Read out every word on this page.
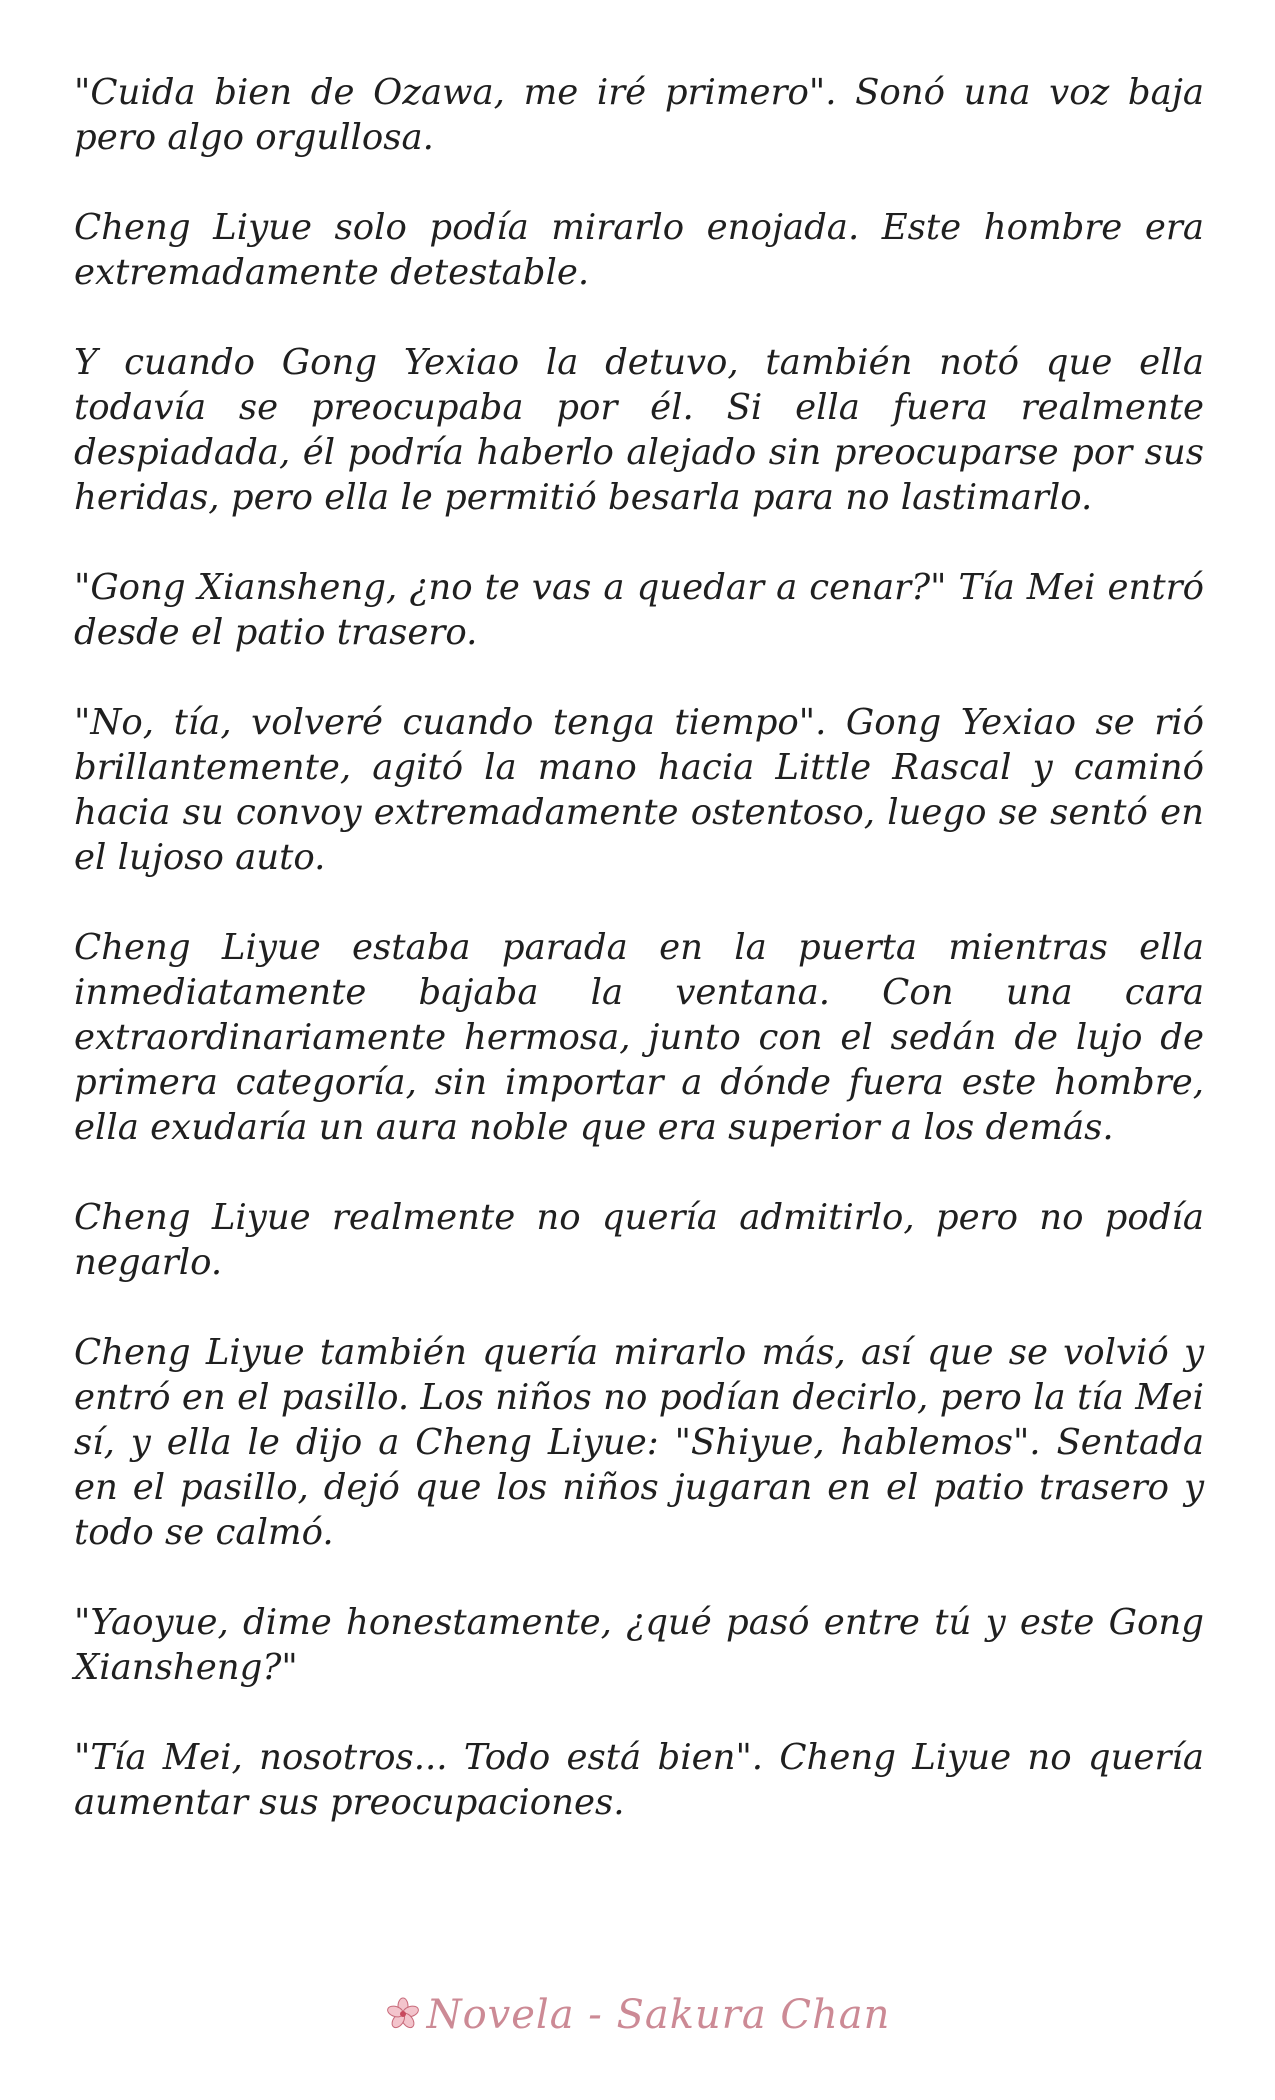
"Cuida bien de Ozawa, me iré primero". Sonó una voz baja pero algo orgullosa.

Cheng Liyue solo podía mirarlo enojada. Este hombre era extremadamente detestable.

Y cuando Gong Yexiao la detuvo, también notó que ella todavía se preocupaba por él. Si ella fuera realmente despiadada, él podría haberlo alejado sin preocuparse por sus heridas, pero ella le permitió besarla para no lastimarlo.

"Gong Xiansheng, ¿no te vas a quedar a cenar?" Tía Mei entró desde el patio trasero.

"No, tía, volveré cuando tenga tiempo". Gong Yexiao se rió brillantemente, agitó la mano hacia Little Rascal y caminó hacia su convoy extremadamente ostentoso, luego se sentó en el lujoso auto.

Cheng Liyue estaba parada en la puerta mientras ella inmediatamente bajaba la ventana. Con una cara extraordinariamente hermosa, junto con el sedán de lujo de primera categoría, sin importar a dónde fuera este hombre, ella exudaría un aura noble que era superior a los demás.

Cheng Liyue realmente no quería admitirlo, pero no podía negarlo.

Cheng Liyue también quería mirarlo más, así que se volvió y entró en el pasillo. Los niños no podían decirlo, pero la tía Mei sí, y ella le dijo a Cheng Liyue: "Shiyue, hablemos". Sentada en el pasillo, dejó que los niños jugaran en el patio trasero y todo se calmó.

"Yaoyue, dime honestamente, ¿qué pasó entre tú y este Gong Xiansheng?"

"Tía Mei, nosotros... Todo está bien". Cheng Liyue no quería aumentar sus preocupaciones.

Novela - Sakura Chan
